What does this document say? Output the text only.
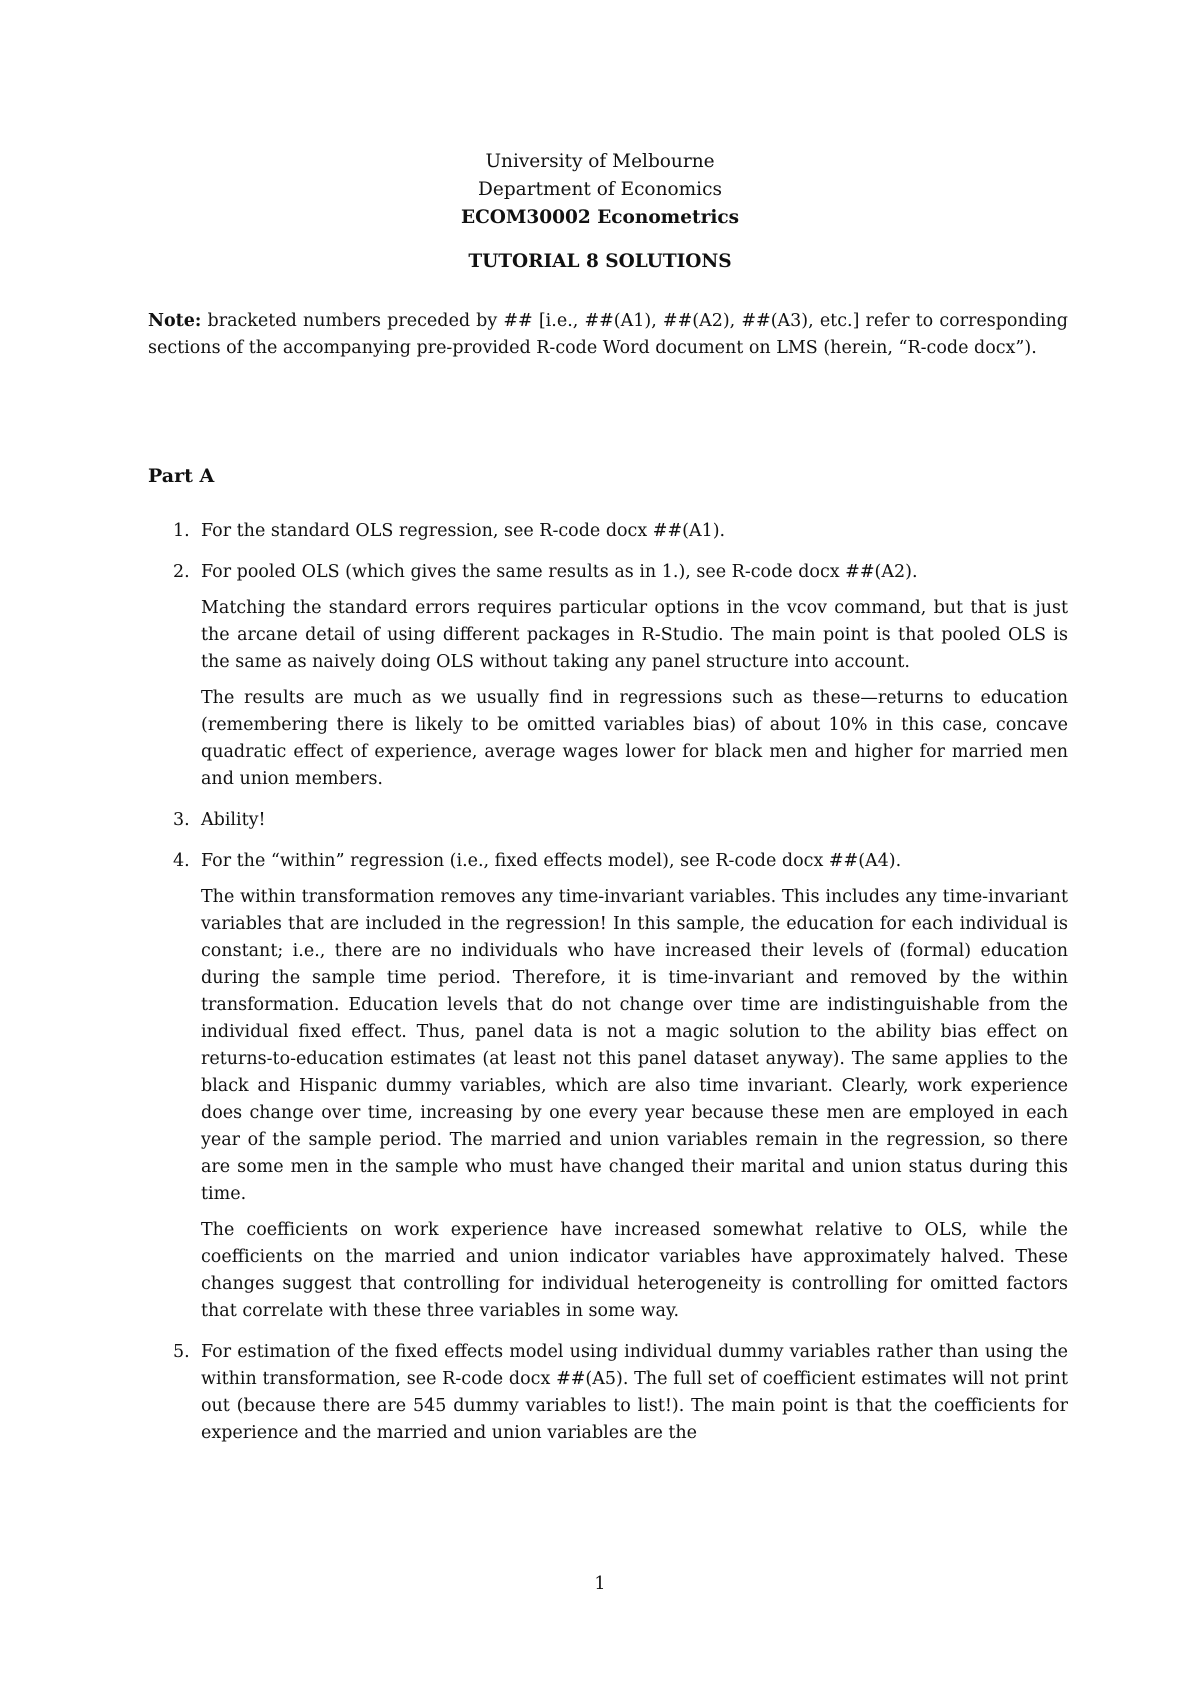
University of Melbourne
Department of Economics
ECOM30002 Econometrics
TUTORIAL 8 SOLUTIONS
Note: bracketed numbers preceded by ## [i.e., ##(A1), ##(A2), ##(A3), etc.] refer to corresponding sections of the accompanying pre-provided R-code Word document on LMS (herein, “R-code docx”).
Part A
1. For the standard OLS regression, see R-code docx ##(A1).

2. For pooled OLS (which gives the same results as in 1.), see R-code docx ##(A2).

Matching the standard errors requires particular options in the vcov command, but that is just the arcane detail of using different packages in R-Studio. The main point is that pooled OLS is the same as naively doing OLS without taking any panel structure into account.

The results are much as we usually find in regressions such as these—returns to education (remembering there is likely to be omitted variables bias) of about 10% in this case, concave quadratic effect of experience, average wages lower for black men and higher for married men and union members.

3. Ability!

4. For the “within” regression (i.e., fixed effects model), see R-code docx ##(A4).

The within transformation removes any time-invariant variables. This includes any time-invariant variables that are included in the regression! In this sample, the education for each individual is constant; i.e., there are no individuals who have increased their levels of (formal) education during the sample time period. Therefore, it is time-invariant and removed by the within transformation. Education levels that do not change over time are indistinguishable from the individual fixed effect. Thus, panel data is not a magic solution to the ability bias effect on returns-to-education estimates (at least not this panel dataset anyway). The same applies to the black and Hispanic dummy variables, which are also time invariant. Clearly, work experience does change over time, increasing by one every year because these men are employed in each year of the sample period. The married and union variables remain in the regression, so there are some men in the sample who must have changed their marital and union status during this time.

The coefficients on work experience have increased somewhat relative to OLS, while the coefficients on the married and union indicator variables have approximately halved. These changes suggest that controlling for individual heterogeneity is controlling for omitted factors that correlate with these three variables in some way.

5. For estimation of the fixed effects model using individual dummy variables rather than using the within transformation, see R-code docx ##(A5). The full set of coefficient estimates will not print out (because there are 545 dummy variables to list!). The main point is that the coefficients for experience and the married and union variables are the

1
